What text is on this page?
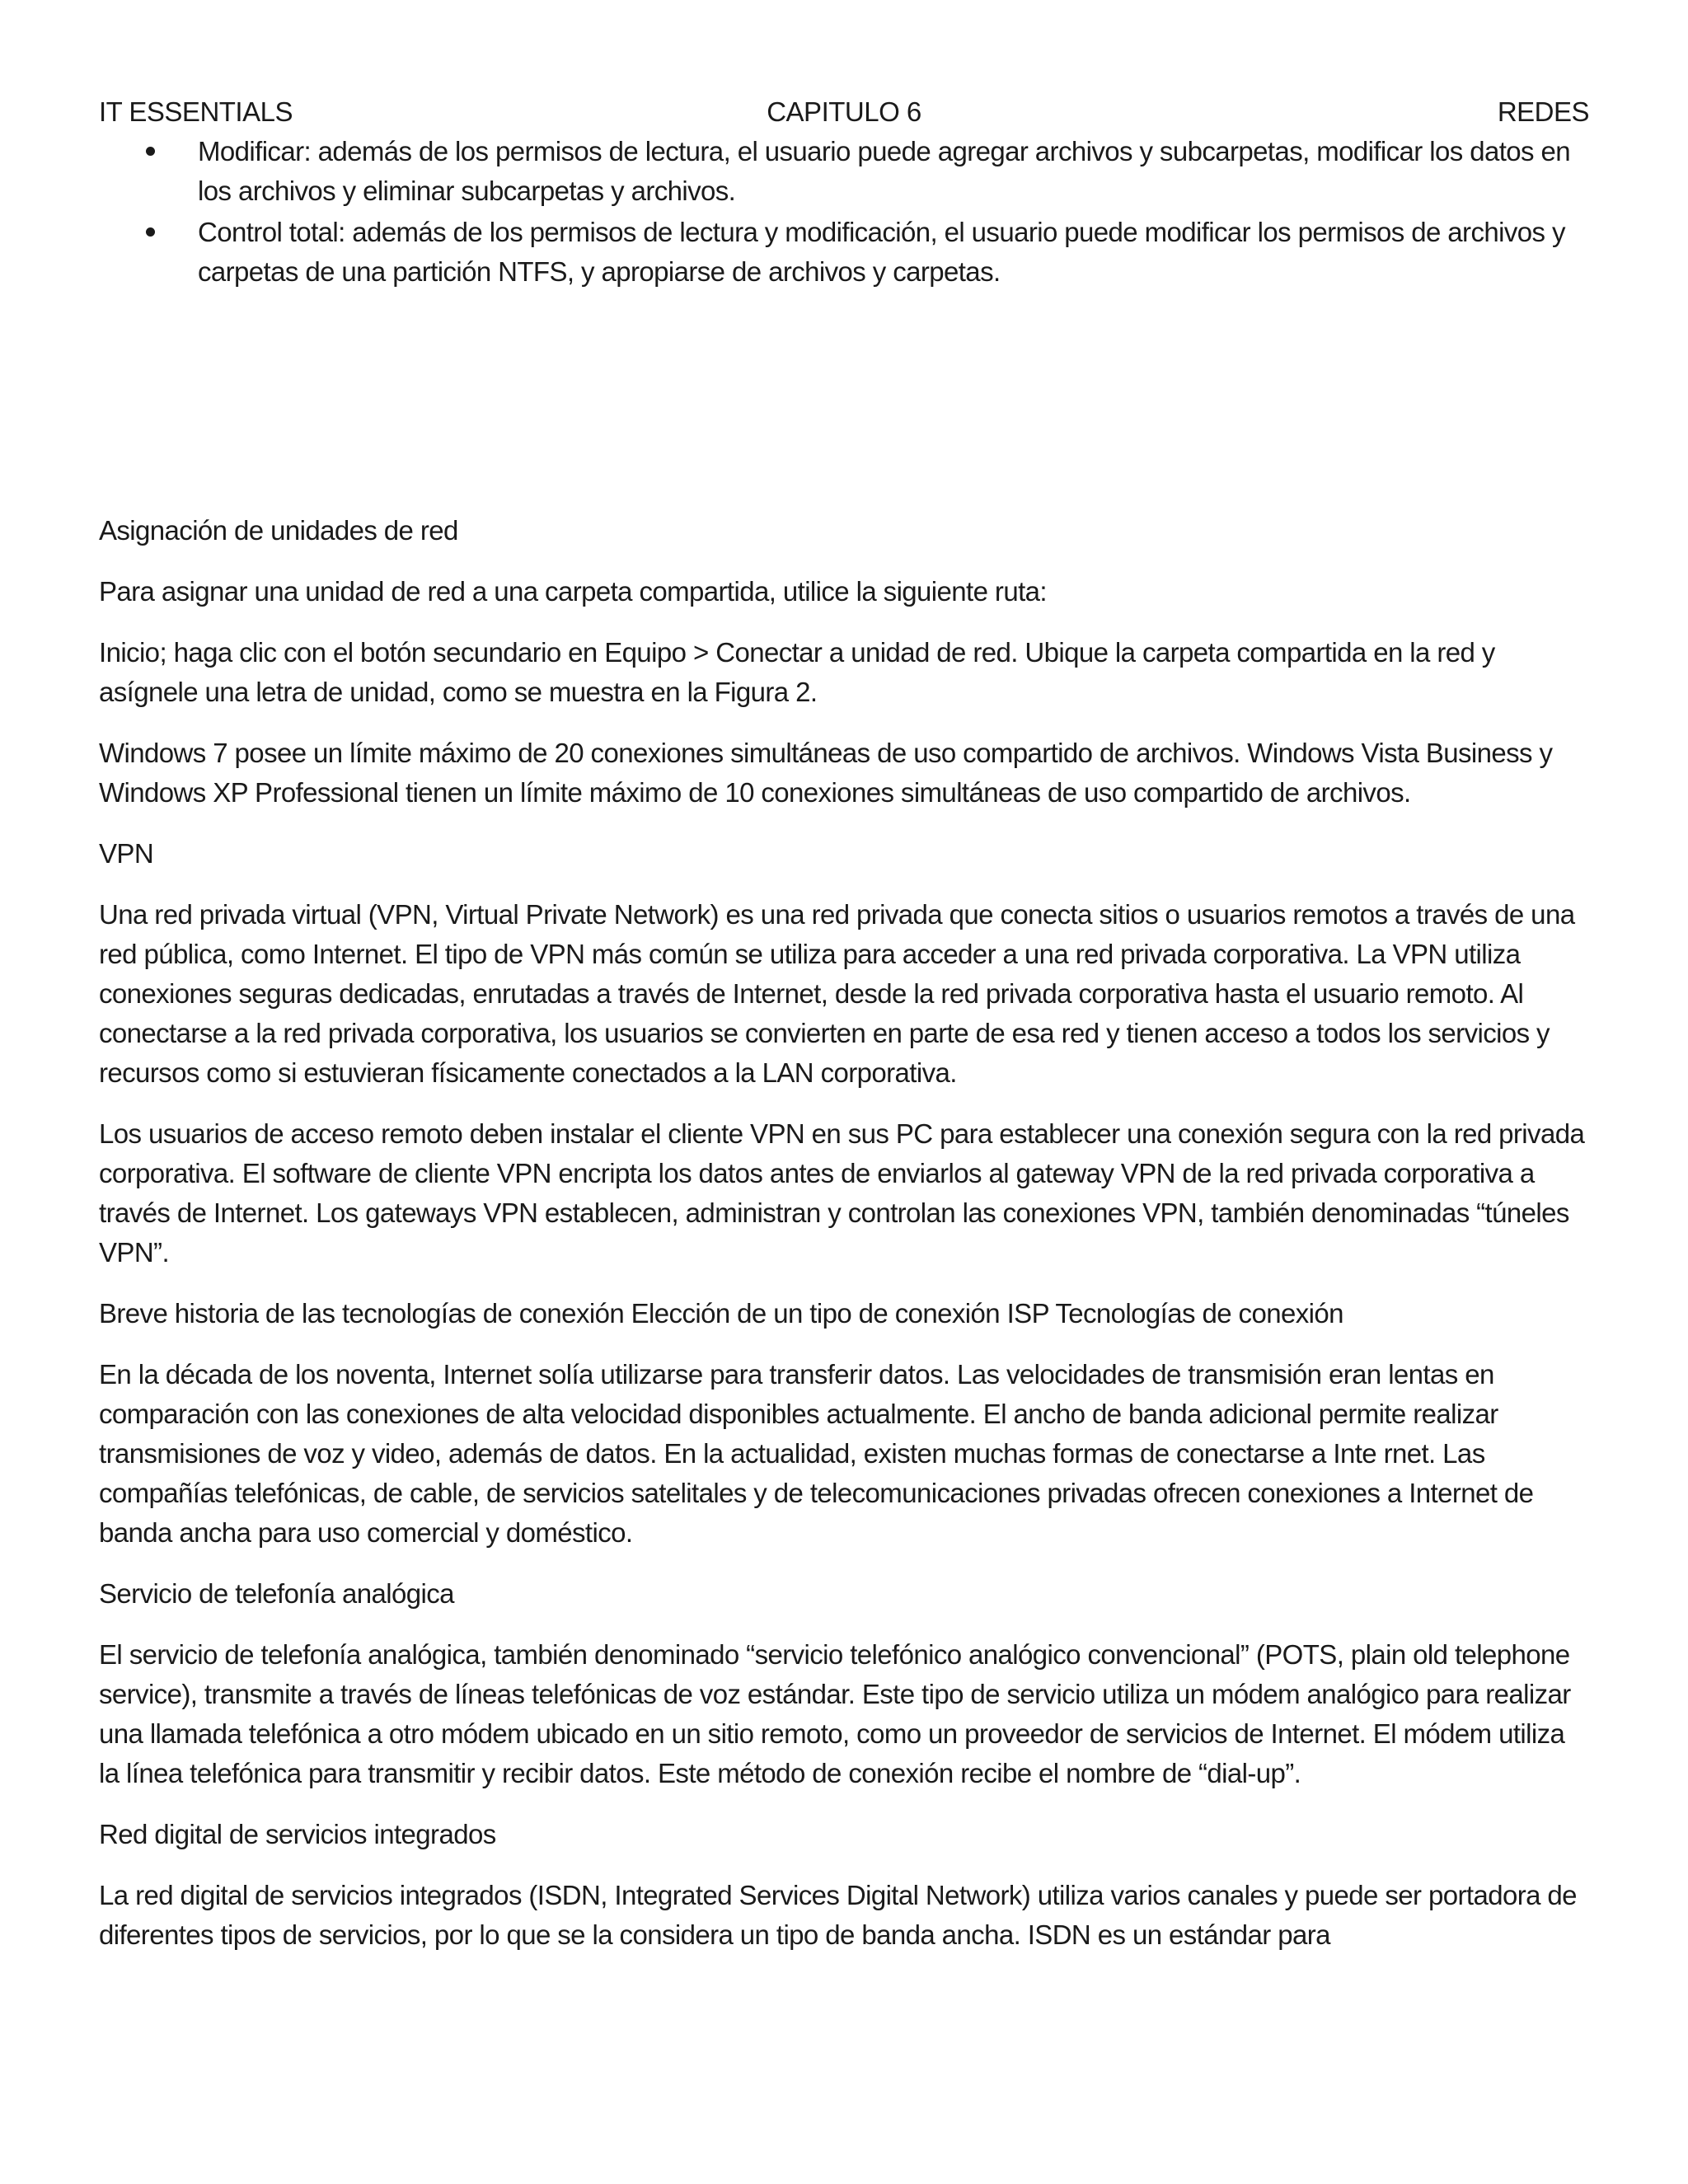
IT ESSENTIALS	CAPITULO 6	REDES
Modificar: además de los permisos de lectura, el usuario puede agregar archivos y subcarpetas, modificar los datos en los archivos y eliminar subcarpetas y archivos.
Control total: además de los permisos de lectura y modificación, el usuario puede modificar los permisos de archivos y carpetas de una partición NTFS, y apropiarse de archivos y carpetas.

Asignación de unidades de red

Para asignar una unidad de red a una carpeta compartida, utilice la siguiente ruta:

Inicio; haga clic con el botón secundario en Equipo > Conectar a unidad de red. Ubique la carpeta compartida en la red y asígnele una letra de unidad, como se muestra en la Figura 2.

Windows 7 posee un límite máximo de 20 conexiones simultáneas de uso compartido de archivos. Windows Vista Business y Windows XP Professional tienen un límite máximo de 10 conexiones simultáneas de uso compartido de archivos.

VPN

Una red privada virtual (VPN, Virtual Private Network) es una red privada que conecta sitios o usuarios remotos a través de una red pública, como Internet. El tipo de VPN más común se utiliza para acceder a una red privada corporativa. La VPN utiliza conexiones seguras dedicadas, enrutadas a través de Internet, desde la red privada corporativa hasta el usuario remoto. Al conectarse a la red privada corporativa, los usuarios se convierten en parte de esa red y tienen acceso a todos los servicios y recursos como si estuvieran físicamente conectados a la LAN corporativa.

Los usuarios de acceso remoto deben instalar el cliente VPN en sus PC para establecer una conexión segura con la red privada corporativa. El software de cliente VPN encripta los datos antes de enviarlos al gateway VPN de la red privada corporativa a través de Internet. Los gateways VPN establecen, administran y controlan las conexiones VPN, también denominadas “túneles VPN”.

Breve historia de las tecnologías de conexión Elección de un tipo de conexión ISP Tecnologías de conexión

En la década de los noventa, Internet solía utilizarse para transferir datos. Las velocidades de transmisión eran lentas en comparación con las conexiones de alta velocidad disponibles actualmente. El ancho de banda adicional permite realizar transmisiones de voz y video, además de datos. En la actualidad, existen muchas formas de conectarse a Inte rnet. Las compañías telefónicas, de cable, de servicios satelitales y de telecomunicaciones privadas ofrecen conexiones a Internet de banda ancha para uso comercial y doméstico.

Servicio de telefonía analógica

El servicio de telefonía analógica, también denominado “servicio telefónico analógico convencional” (POTS, plain old telephone service), transmite a través de líneas telefónicas de voz estándar. Este tipo de servicio utiliza un módem analógico para realizar una llamada telefónica a otro módem ubicado en un sitio remoto, como un proveedor de servicios de Internet. El módem utiliza la línea telefónica para transmitir y recibir datos. Este método de conexión recibe el nombre de “dial-up”.

Red digital de servicios integrados

La red digital de servicios integrados (ISDN, Integrated Services Digital Network) utiliza varios canales y puede ser portadora de diferentes tipos de servicios, por lo que se la considera un tipo de banda ancha. ISDN es un estándar para
